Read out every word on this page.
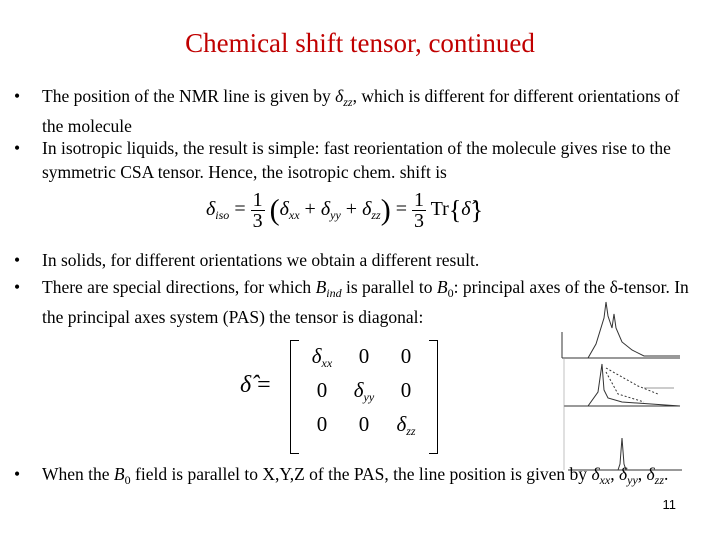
Chemical shift tensor, continued
• The position of the NMR line is given by $\delta_{zz}$, which is different for different orientations of the molecule
• In isotropic liquids, the result is simple: fast reorientation of the molecule gives rise to the symmetric CSA tensor. Hence, the isotropic chem. shift is
$\delta_{iso} = \frac{1}{3} (\delta_{xx} + \delta_{yy} + \delta_{zz}) = \frac{1}{3}$ Tr{δ̂}
• In solids, for different orientations we obtain a different result.
• There are special directions, for which $B_{ind}$ is parallel to $B_0$: principal axes of the δ-tensor. In the principal axes system (PAS) the tensor is diagonal:
δ̂ =
$\delta_{xx}$	0	0
0	$\delta_{yy}$	0
0	0	$\delta_{zz}$
• When the $B_0$ field is parallel to X,Y,Z of the PAS, the line position is given by $\delta_{xx}$, $\delta_{yy}$, $\delta_{zz}$.
11
